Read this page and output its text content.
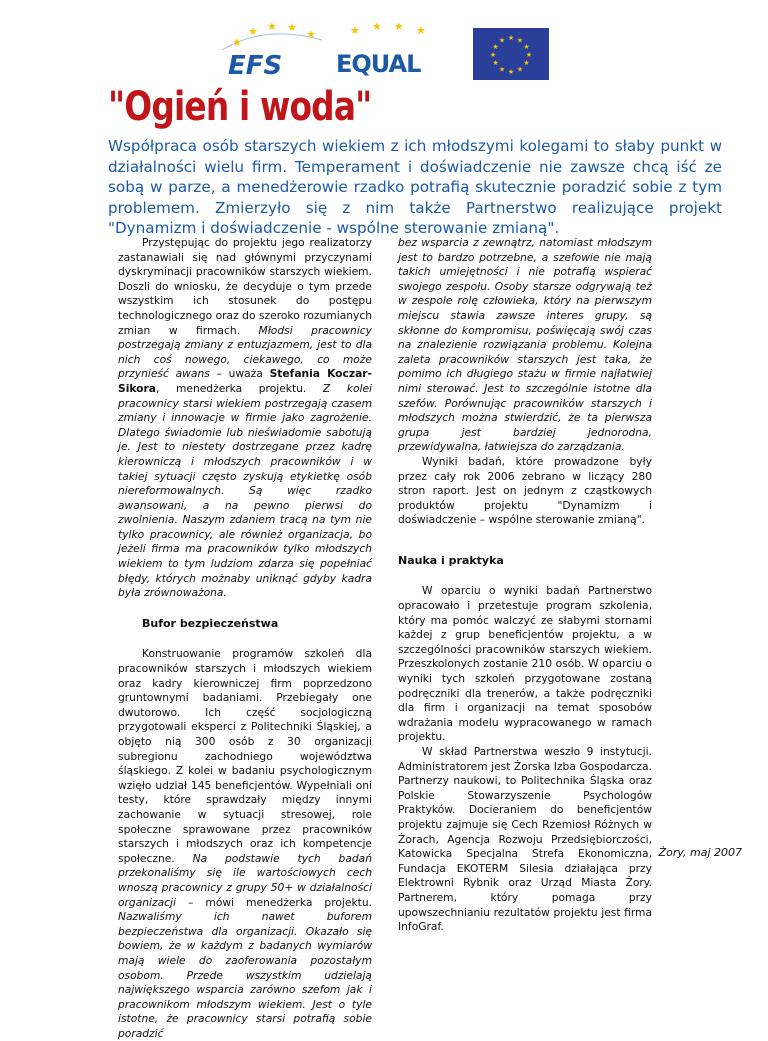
★
★ ★ ★
★
EFS
★ ★ ★ ★
EQUAL
★ ★
★
★
★
★
★
★
★
★
★
★
"Ogień i woda"

Współpraca osób starszych wiekiem z ich młodszymi kolegami to słaby punkt w działalności wielu firm. Temperament i doświadczenie nie zawsze chcą iść ze sobą w parze, a menedżerowie rzadko potrafią skutecznie poradzić sobie z tym problemem. Zmierzyło się z nim także Partnerstwo realizujące projekt "Dynamizm i doświadczenie - wspólne sterowanie zmianą".

Przystępując do projektu jego realizatorzy zastanawiali się nad głównymi przyczynami dyskryminacji pracowników starszych wiekiem. Doszli do wniosku, że decyduje o tym przede wszystkim ich stosunek do postępu technologicznego oraz do szeroko rozumianych zmian w firmach. Młodsi pracownicy postrzegają zmiany z entuzjazmem, jest to dla nich coś nowego, ciekawego, co może przynieść awans – uważa Stefania Koczar-Sikora, menedżerka projektu. Z kolei pracownicy starsi wiekiem postrzegają czasem zmiany i innowacje w firmie jako zagrożenie. Dlatego świadomie lub nieświadomie sabotują je. Jest to niestety dostrzegane przez kadrę kierowniczą i młodszych pracowników i w takiej sytuacji często zyskują etykietkę osób niereformowalnych. Są więc rzadko awansowani, a na pewno pierwsi do zwolnienia. Naszym zdaniem tracą na tym nie tylko pracownicy, ale również organizacja, bo jeżeli firma ma pracowników tylko młodszych wiekiem to tym ludziom zdarza się popełniać błędy, których możnaby uniknąć gdyby kadra była zrównoważona.

Bufor bezpieczeństwa

Konstruowanie programów szkoleń dla pracowników starszych i młodszych wiekiem oraz kadry kierowniczej firm poprzedzono gruntownymi badaniami. Przebiegały one dwutorowo. Ich część socjologiczną przygotowali eksperci z Politechniki Śląskiej, a objęto nią 300 osób z 30 organizacji subregionu zachodniego województwa śląskiego. Z kolei w badaniu psychologicznym wzięło udział 145 beneficjentów. Wypełniali oni testy, które sprawdzały między innymi zachowanie w sytuacji stresowej, role społeczne sprawowane przez pracowników starszych i młodszych oraz ich kompetencje społeczne. Na podstawie tych badań przekonaliśmy się ile wartościowych cech wnoszą pracownicy z grupy 50+ w działalności organizacji – mówi menedżerka projektu. Nazwaliśmy ich nawet buforem bezpieczeństwa dla organizacji. Okazało się bowiem, że w każdym z badanych wymiarów mają wiele do zaoferowania pozostałym osobom. Przede wszystkim udzielają największego wsparcia zarówno szefom jak i pracownikom młodszym wiekiem. Jest o tyle istotne, że pracownicy starsi potrafią sobie poradzić

bez wsparcia z zewnątrz, natomiast młodszym jest to bardzo potrzebne, a szefowie nie mają takich umiejętności i nie potrafią wspierać swojego zespołu. Osoby starsze odgrywają też w zespole rolę człowieka, który na pierwszym miejscu stawia zawsze interes grupy, są skłonne do kompromisu, poświęcają swój czas na znalezienie rozwiązania problemu. Kolejna zaleta pracowników starszych jest taka, że pomimo ich długiego stażu w firmie najłatwiej nimi sterować. Jest to szczególnie istotne dla szefów. Porównując pracowników starszych i młodszych można stwierdzić, że ta pierwsza grupa jest bardziej jednorodna, przewidywalna, łatwiejsza do zarządzania.

Wyniki badań, które prowadzone były przez cały rok 2006 zebrano w liczący 280 stron raport. Jest on jednym z cząstkowych produktów projektu "Dynamizm i doświadczenie – wspólne sterowanie zmianą".

Nauka i praktyka

W oparciu o wyniki badań Partnerstwo opracowało i przetestuje program szkolenia, który ma pomóc walczyć ze słabymi stornami każdej z grup beneficjentów projektu, a w szczególności pracowników starszych wiekiem. Przeszkolonych zostanie 210 osób. W oparciu o wyniki tych szkoleń przygotowane zostaną podręczniki dla trenerów, a także podręczniki dla firm i organizacji na temat sposobów wdrażania modelu wypracowanego w ramach projektu.

W skład Partnerstwa weszło 9 instytucji. Administratorem jest Żorska Izba Gospodarcza. Partnerzy naukowi, to Politechnika Śląska oraz Polskie Stowarzyszenie Psychologów Praktyków. Docieraniem do beneficjentów projektu zajmuje się Cech Rzemiosł Różnych w Żorach, Agencja Rozwoju Przedsiębiorczości, Katowicka Specjalna Strefa Ekonomiczna, Fundacja EKOTERM Silesia działająca przy Elektrowni Rybnik oraz Urząd Miasta Żory. Partnerem, który pomaga przy upowszechnianiu rezultatów projektu jest firma InfoGraf.

Żory, maj 2007
